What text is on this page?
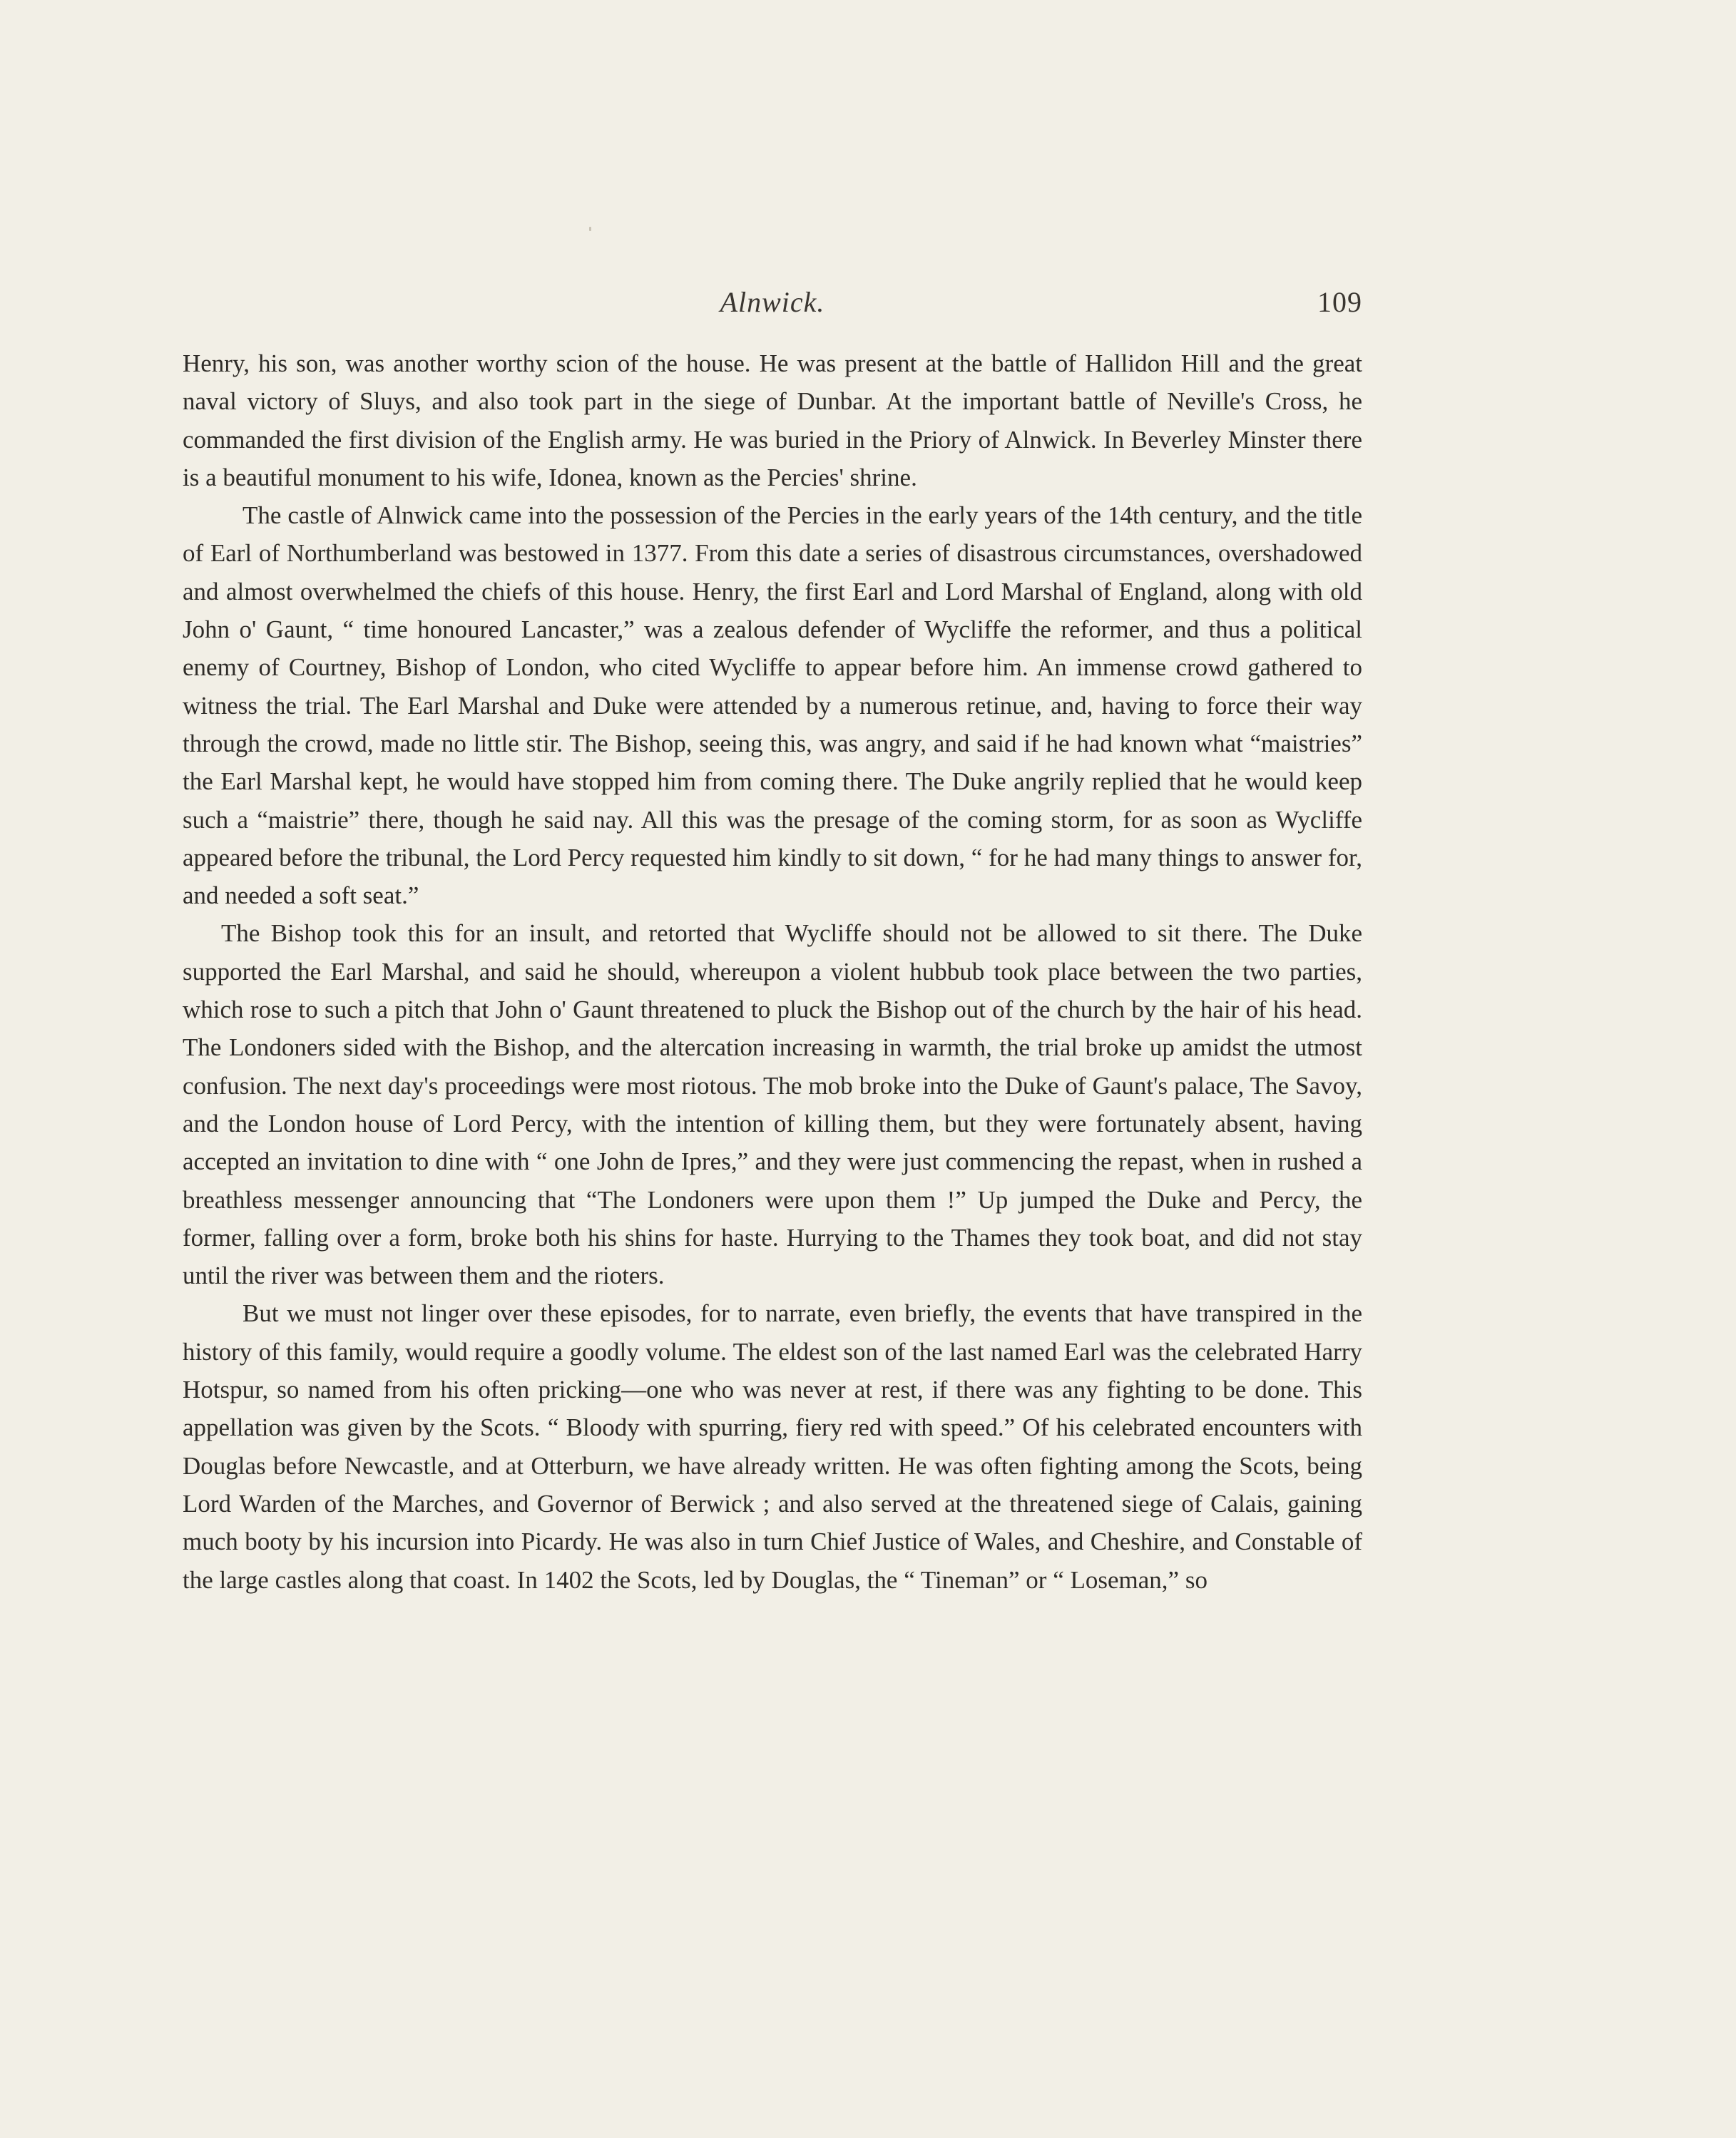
Alnwick.	109

Henry, his son, was another worthy scion of the house. He was present at the battle of Hallidon Hill and the great naval victory of Sluys, and also took part in the siege of Dunbar. At the important battle of Neville's Cross, he commanded the first division of the English army. He was buried in the Priory of Alnwick. In Beverley Minster there is a beautiful monument to his wife, Idonea, known as the Percies' shrine.

The castle of Alnwick came into the possession of the Percies in the early years of the 14th century, and the title of Earl of Northumberland was bestowed in 1377. From this date a series of disastrous circumstances, overshadowed and almost overwhelmed the chiefs of this house. Henry, the first Earl and Lord Marshal of England, along with old John o' Gaunt, “ time honoured Lancaster,” was a zealous defender of Wycliffe the reformer, and thus a political enemy of Courtney, Bishop of London, who cited Wycliffe to appear before him. An immense crowd gathered to witness the trial. The Earl Marshal and Duke were attended by a numerous retinue, and, having to force their way through the crowd, made no little stir. The Bishop, seeing this, was angry, and said if he had known what “maistries” the Earl Marshal kept, he would have stopped him from coming there. The Duke angrily replied that he would keep such a “maistrie” there, though he said nay. All this was the presage of the coming storm, for as soon as Wycliffe appeared before the tribunal, the Lord Percy requested him kindly to sit down, “ for he had many things to answer for, and needed a soft seat.”

The Bishop took this for an insult, and retorted that Wycliffe should not be allowed to sit there. The Duke supported the Earl Marshal, and said he should, whereupon a violent hubbub took place between the two parties, which rose to such a pitch that John o' Gaunt threatened to pluck the Bishop out of the church by the hair of his head. The Londoners sided with the Bishop, and the altercation increasing in warmth, the trial broke up amidst the utmost confusion. The next day's proceedings were most riotous. The mob broke into the Duke of Gaunt's palace, The Savoy, and the London house of Lord Percy, with the intention of killing them, but they were fortunately absent, having accepted an invitation to dine with “ one John de Ipres,” and they were just commencing the repast, when in rushed a breathless messenger announcing that “The Londoners were upon them !” Up jumped the Duke and Percy, the former, falling over a form, broke both his shins for haste. Hurrying to the Thames they took boat, and did not stay until the river was between them and the rioters.

But we must not linger over these episodes, for to narrate, even briefly, the events that have transpired in the history of this family, would require a goodly volume. The eldest son of the last named Earl was the celebrated Harry Hotspur, so named from his often pricking—one who was never at rest, if there was any fighting to be done. This appellation was given by the Scots. “ Bloody with spurring, fiery red with speed.” Of his celebrated encounters with Douglas before Newcastle, and at Otterburn, we have already written. He was often fighting among the Scots, being Lord Warden of the Marches, and Governor of Berwick ; and also served at the threatened siege of Calais, gaining much booty by his incursion into Picardy. He was also in turn Chief Justice of Wales, and Cheshire, and Constable of the large castles along that coast. In 1402 the Scots, led by Douglas, the “ Tineman” or “ Loseman,” so
